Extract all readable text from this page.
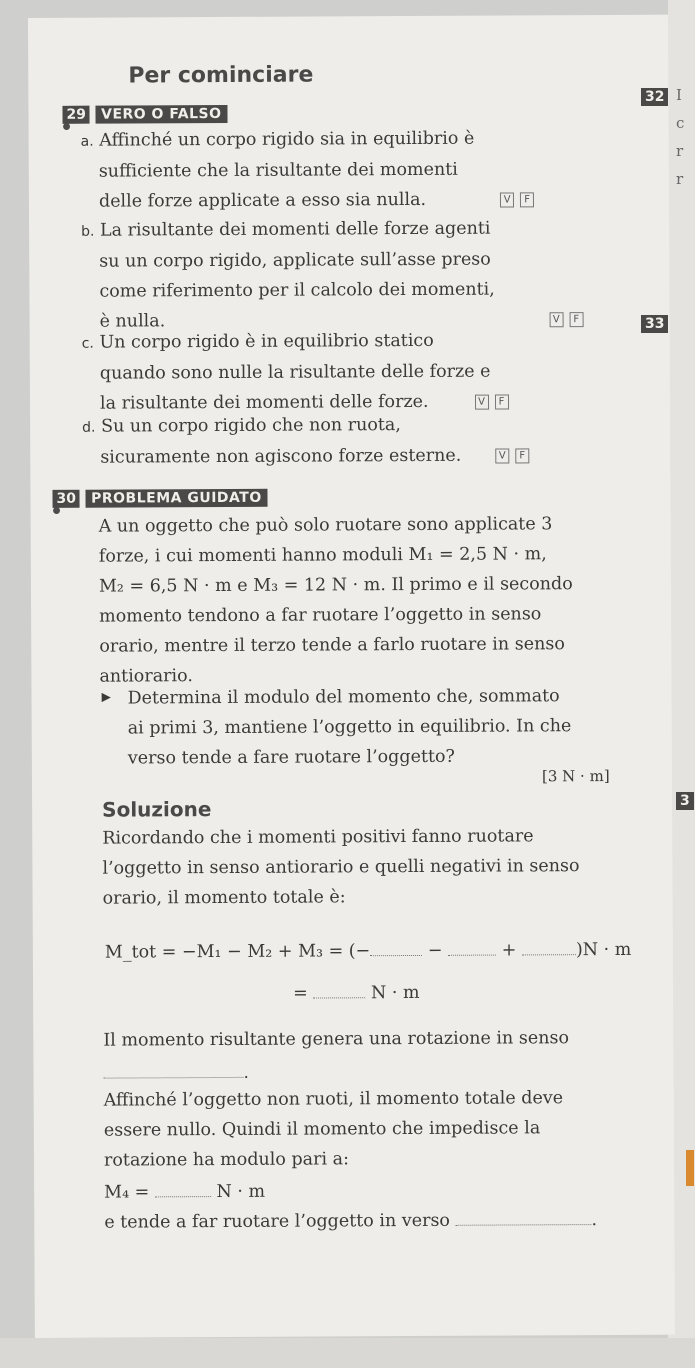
Per cominciare
29 VERO O FALSO
●
a. Affinché un corpo rigido sia in equilibrio è
sufficiente che la risultante dei momenti
delle forze applicate a esso sia nulla.	V F
b. La risultante dei momenti delle forze agenti
su un corpo rigido, applicate sull’asse preso
come riferimento per il calcolo dei momenti,
è nulla.	V F
c. Un corpo rigido è in equilibrio statico
quando sono nulle la risultante delle forze e
la risultante dei momenti delle forze.	V F
d. Su un corpo rigido che non ruota,
sicuramente non agiscono forze esterne.	V F
30 PROBLEMA GUIDATO
●
A un oggetto che può solo ruotare sono applicate 3
forze, i cui momenti hanno moduli M₁ = 2,5 N · m,
M₂ = 6,5 N · m e M₃ = 12 N · m. Il primo e il secondo
momento tendono a far ruotare l’oggetto in senso
orario, mentre il terzo tende a farlo ruotare in senso
antiorario.
▶ Determina il modulo del momento che, sommato
ai primi 3, mantiene l’oggetto in equilibrio. In che
verso tende a fare ruotare l’oggetto?
[3 N · m]
Soluzione
Ricordando che i momenti positivi fanno ruotare
l’oggetto in senso antiorario e quelli negativi in senso
orario, il momento totale è:
M_tot = −M₁ − M₂ + M₃ = (−	−	+	)N · m
=	N · m
Il momento risultante genera una rotazione in senso
.
Affinché l’oggetto non ruoti, il momento totale deve
essere nullo. Quindi il momento che impedisce la
rotazione ha modulo pari a:
M₄ =	N · m
e tende a far ruotare l’oggetto in verso	.
32
33
3
I
c
r
r
